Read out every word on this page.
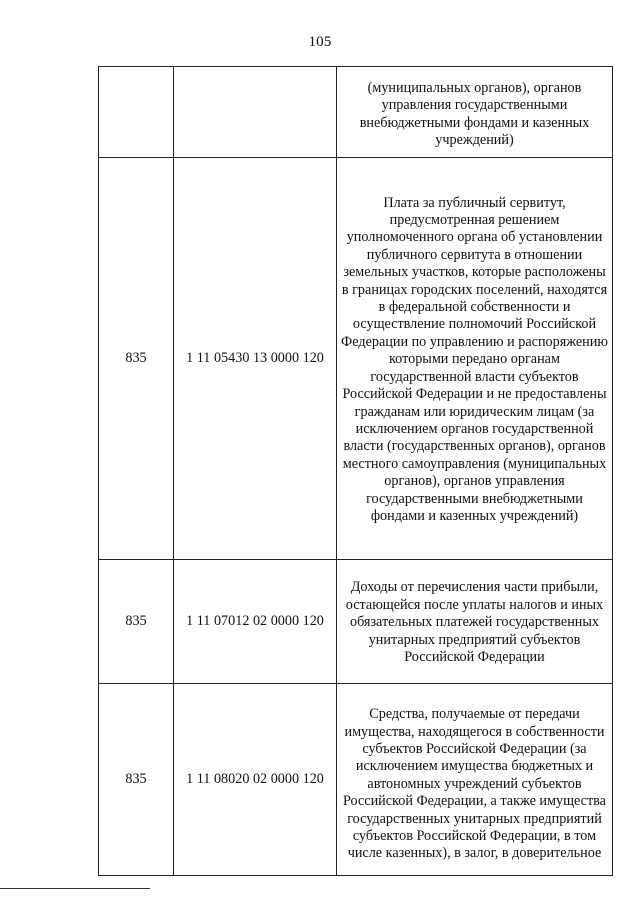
105
		(муниципальных органов), органов управления государственными внебюджетными фондами и казенных учреждений)
835	1 11 05430 13 0000 120	Плата за публичный сервитут, предусмотренная решением уполномоченного органа об установлении публичного сервитута в отношении земельных участков, которые расположены в границах городских поселений, находятся в федеральной собственности и осуществление полномочий Российской Федерации по управлению и распоряжению которыми передано органам государственной власти субъектов Российской Федерации и не предоставлены гражданам или юридическим лицам (за исключением органов государственной власти (государственных органов), органов местного самоуправления (муниципальных органов), органов управления государственными внебюджетными фондами и казенных учреждений)
835	1 11 07012 02 0000 120	Доходы от перечисления части прибыли, остающейся после уплаты налогов и иных обязательных платежей государственных унитарных предприятий субъектов Российской Федерации
835	1 11 08020 02 0000 120	Средства, получаемые от передачи имущества, находящегося в собственности субъектов Российской Федерации (за исключением имущества бюджетных и автономных учреждений субъектов Российской Федерации, а также имущества государственных унитарных предприятий субъектов Российской Федерации, в том числе казенных), в залог, в доверительное
